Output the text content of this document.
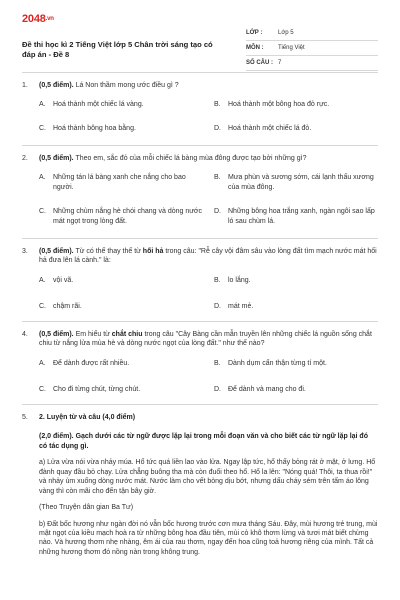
2048.vn
Đề thi học kì 2 Tiếng Việt lớp 5 Chân trời sáng tạo có đáp án - Đề 8
LỚP :	Lớp 5
MÔN :	Tiếng Việt
SỐ CÂU : 7
1.	(0,5 điểm). Lá Non thầm mong ước điều gì ?
A.	Hoá thành một chiếc lá vàng.	B.	Hoá thành một bông hoa đỏ rực.
C.	Hoá thành bông hoa bằng.	D.	Hoá thành một chiếc lá đỏ.
2.	(0,5 điểm). Theo em, sắc đỏ của mỗi chiếc lá bàng mùa đông được tạo bởi những gì?
A.	Những tán lá bàng xanh che nắng cho bao người.
B.	Mưa phùn và sương sớm, cái lạnh thấu xương của mùa đông.
C.	Những chùm nắng hè chói chang và dòng nước mát ngọt trong lòng đất.
D.	Những bông hoa trắng xanh, ngàn ngôi sao lấp ló sau chùm lá.
3.	(0,5 điểm). Từ có thể thay thế từ hối hả trong câu: "Rễ cây vội đâm sâu vào lòng đất tìm mạch nước mát hối hả đưa lên lá cành." là:
A.	vội vã.	B.	lo lắng.
C.	chậm rãi.	D.	mát mẻ.
4.	(0,5 điểm). Em hiểu từ chắt chiu trong câu "Cây Bàng cần mẫn truyền lên những chiếc lá nguồn sống chắt chiu từ nắng lửa mùa hè và dòng nước ngọt của lòng đất." như thế nào?
A.	Để dành được rất nhiều.	B.	Dành dụm cẩn thận từng tí một.
C.	Cho đi từng chút, từng chút.	D.	Để dành và mang cho đi.
5.	2. Luyện từ và câu (4,0 điểm)

(2,0 điểm). Gạch dưới các từ ngữ được lặp lại trong mỗi đoạn văn và cho biết các từ ngữ lặp lại đó có tác dụng gì.

a) Lửa vừa nói vừa nhảy múa. Hổ tức quá liền lao vào lửa. Ngay lập tức, hổ thấy bỏng rát ở mặt, ở lưng. Hổ đành quay đầu bỏ chạy. Lửa chẳng buông tha mà còn đuổi theo hổ. Hổ la lên: "Nóng quá! Thôi, ta thua rồi!" và nhảy ùm xuống dòng nước mát. Nước làm cho vết bỏng dịu bớt, nhưng dấu cháy sém trên tấm áo lông vàng thì còn mãi cho đến tận bây giờ.

(Theo Truyện dân gian Ba Tư)

b) Đất bốc hương như ngàn đời nó vẫn bốc hương trước cơn mưa tháng Sáu. Đây, mùi hương trẻ trung, mùi mật ngọt của kiều mạch hoà ra từ những bông hoa đầu tiên, mùi cỏ khô thơm lừng và tươi mát biết chừng nào. Và hương thơm nhẹ nhàng, êm ái của rau thơm, ngay đến hoa cũng toả hương riêng của mình. Tất cả những hương thơm đó nồng nàn trong không trung.
